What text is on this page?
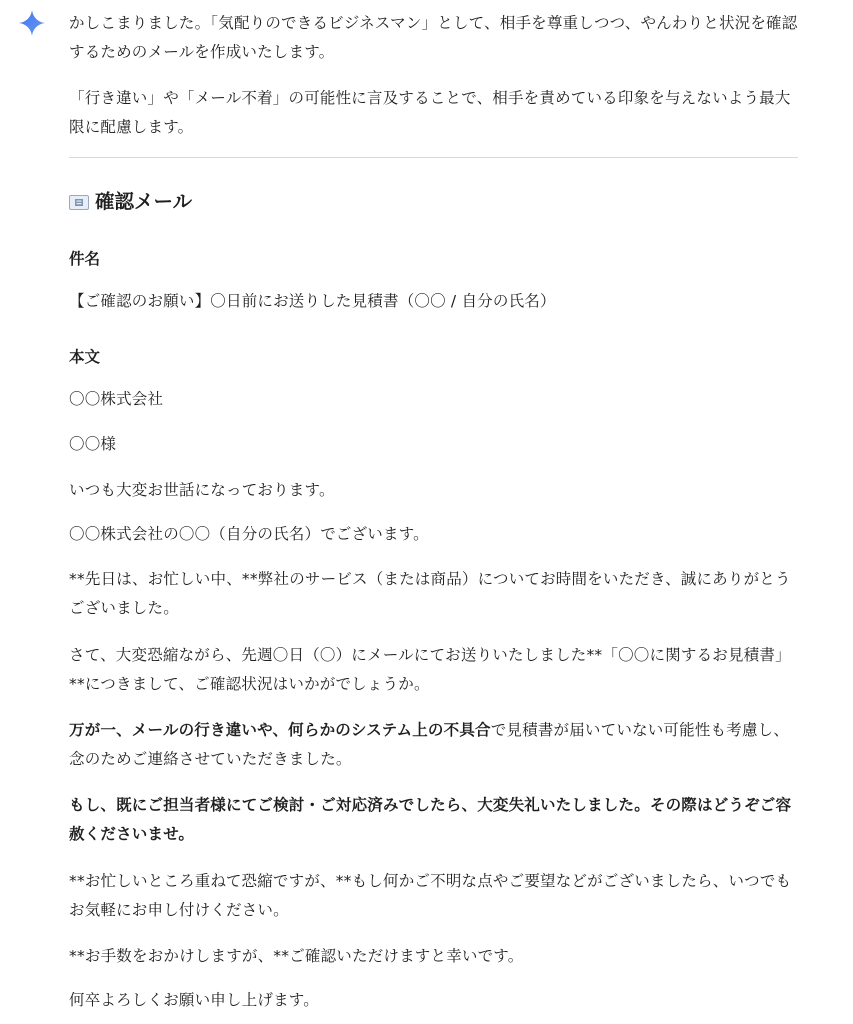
かしこまりました。「気配りのできるビジネスマン」として、相手を尊重しつつ、やんわりと状況を確認するためのメールを作成いたします。

「行き違い」や「メール不着」の可能性に言及することで、相手を責めている印象を与えないよう最大限に配慮します。

確認メール
件名
【ご確認のお願い】〇日前にお送りした見積書（〇〇 / 自分の氏名）
本文
〇〇株式会社
〇〇様
いつも大変お世話になっております。
〇〇株式会社の〇〇（自分の氏名）でございます。
**先日は、お忙しい中、**弊社のサービス（または商品）についてお時間をいただき、誠にありがとうございました。
さて、大変恐縮ながら、先週〇日（〇）にメールにてお送りいたしました**「〇〇に関するお見積書」**につきまして、ご確認状況はいかがでしょうか。
万が一、メールの行き違いや、何らかのシステム上の不具合で見積書が届いていない可能性も考慮し、念のためご連絡させていただきました。
もし、既にご担当者様にてご検討・ご対応済みでしたら、大変失礼いたしました。その際はどうぞご容赦くださいませ。
**お忙しいところ重ねて恐縮ですが、**もし何かご不明な点やご要望などがございましたら、いつでもお気軽にお申し付けください。
**お手数をおかけしますが、**ご確認いただけますと幸いです。
何卒よろしくお願い申し上げます。
